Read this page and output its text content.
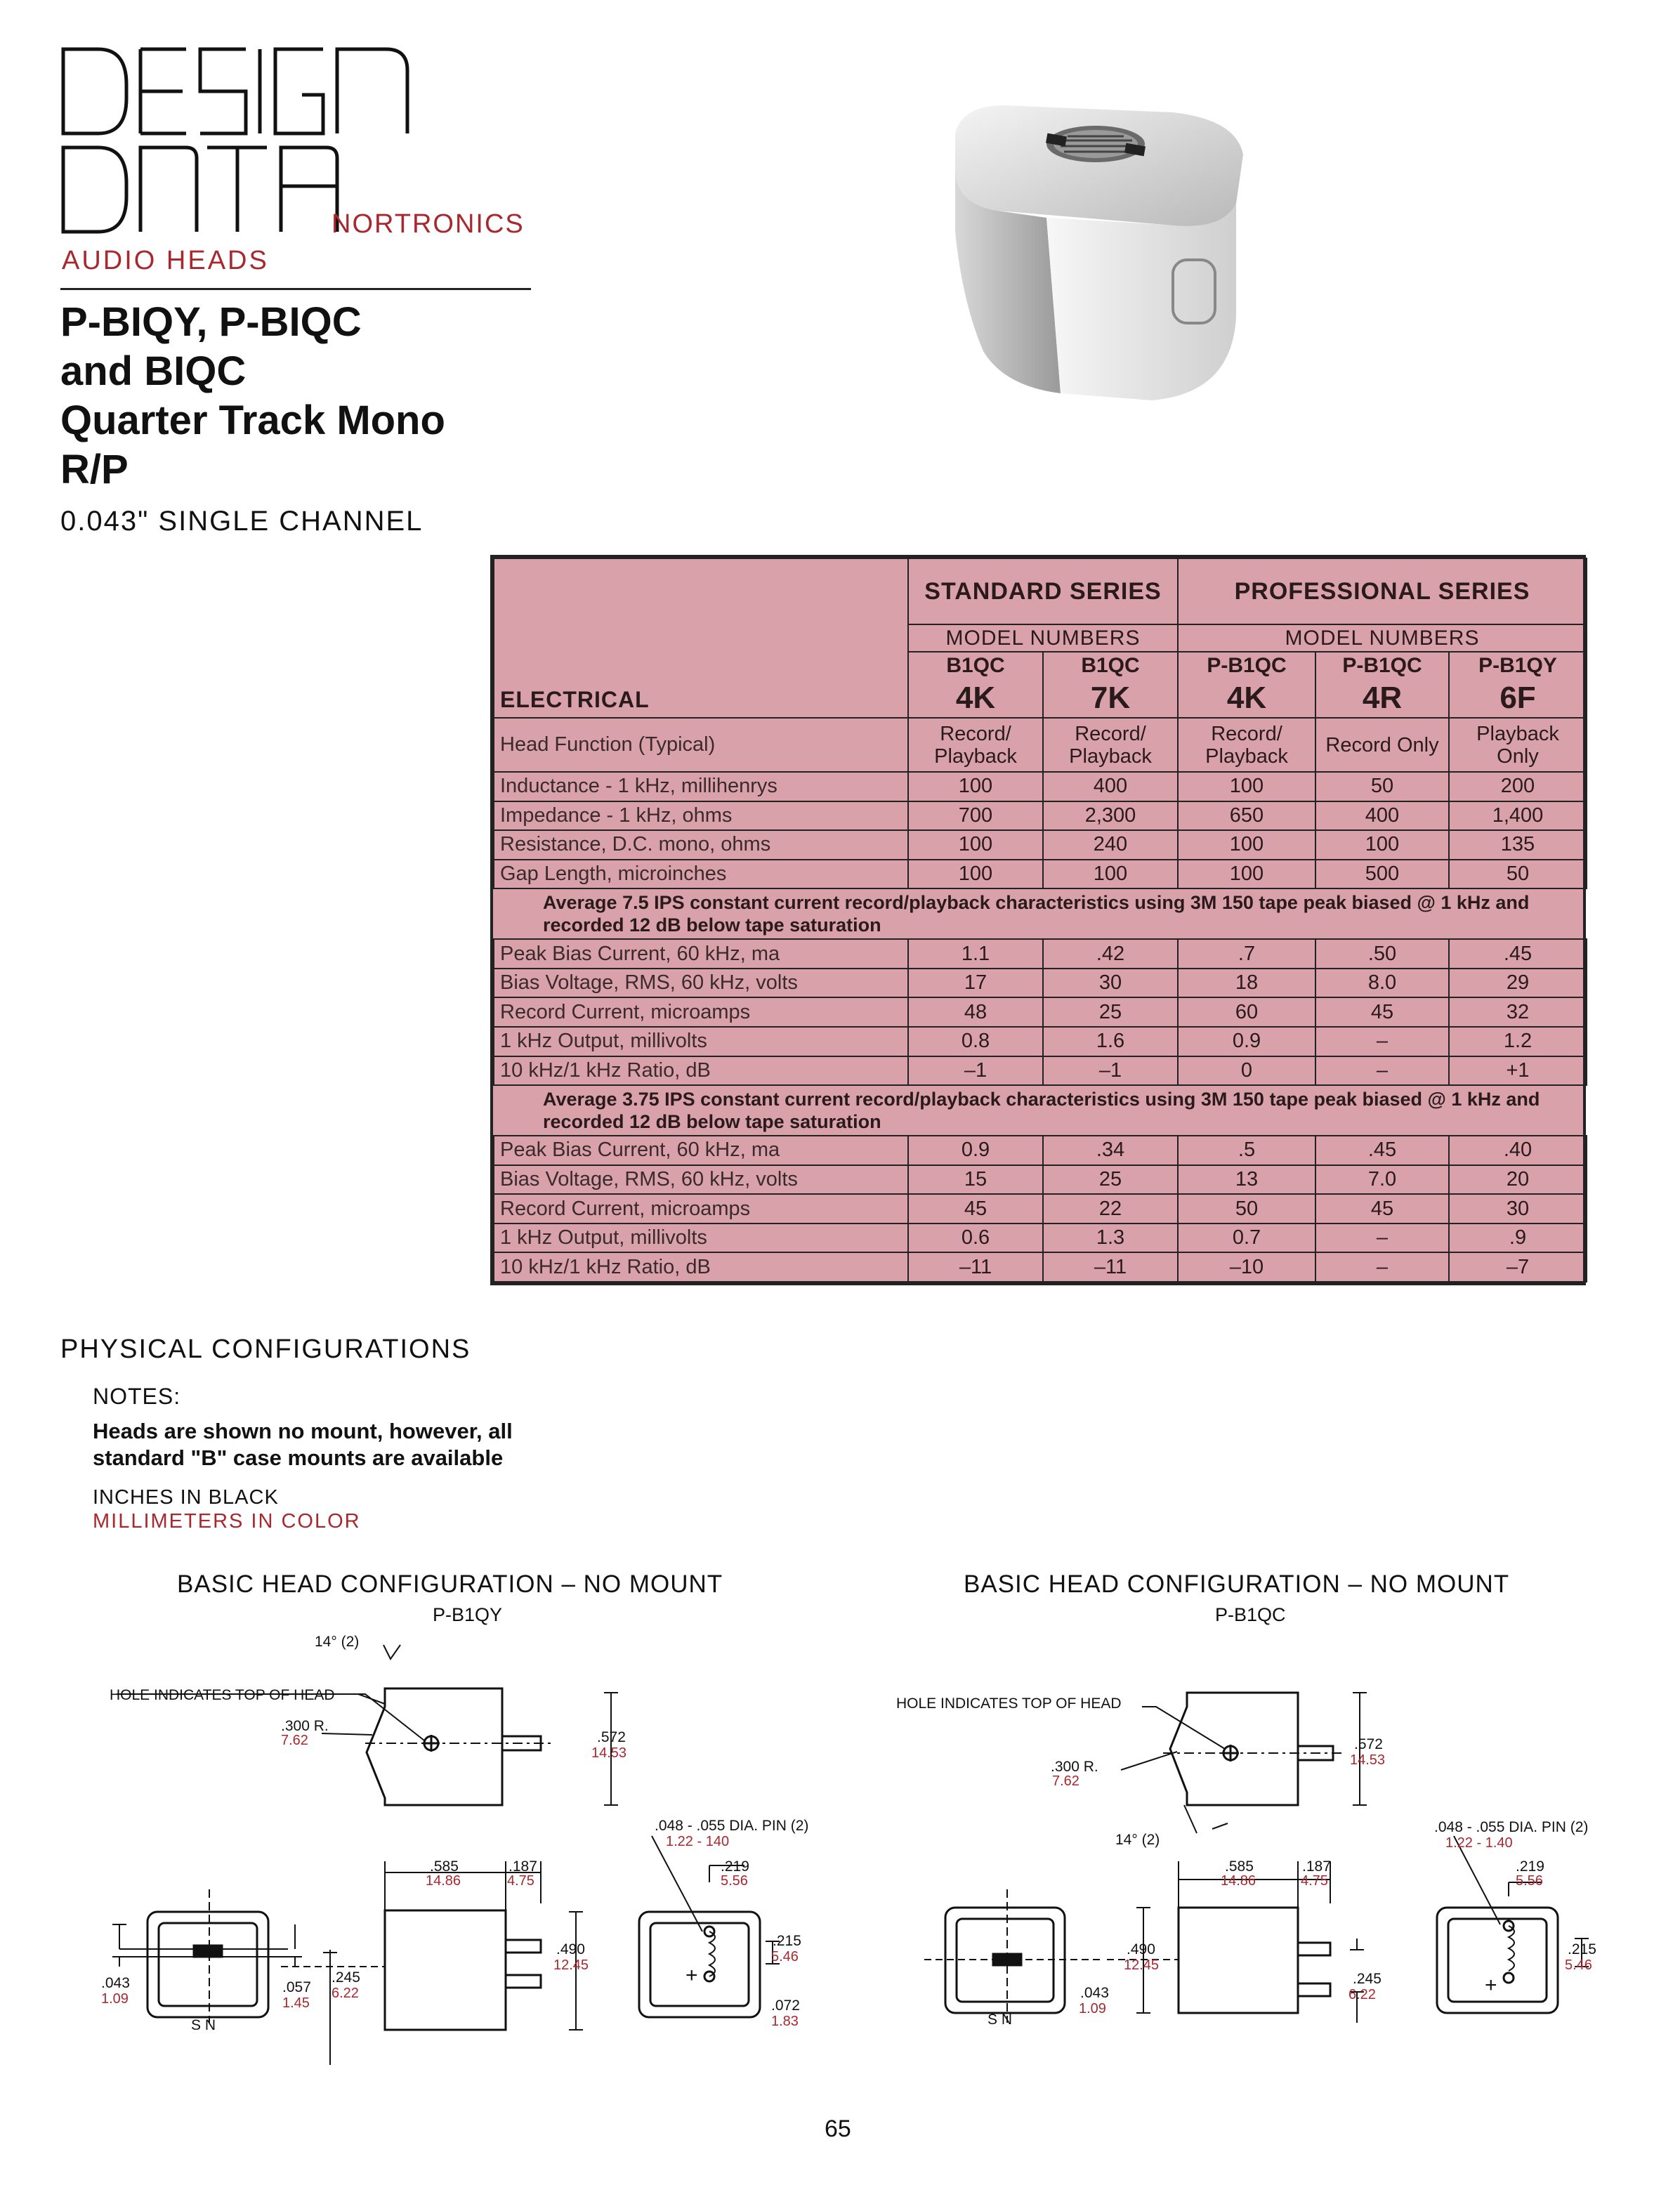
NORTRONICS
AUDIO HEADS
P-BIQY, P-BIQC
and BIQC
Quarter Track Mono
R/P
0.043" SINGLE CHANNEL
ELECTRICAL	STANDARD SERIES		PROFESSIONAL SERIES		
	MODEL NUMBERS		MODEL NUMBERS		
	B1QC	B1QC	P-B1QC	P-B1QC	P-B1QY
	4K	7K	4K	4R	6F
Head Function (Typical)	Record/ Playback	Record/ Playback	Record/ Playback	Record Only	Playback Only
Inductance - 1 kHz, millihenrys	100	400	100	50	200
Impedance - 1 kHz, ohms	700	2,300	650	400	1,400
Resistance, D.C. mono, ohms	100	240	100	100	135
Gap Length, microinches	100	100	100	500	50
Average 7.5 IPS constant current record/playback characteristics using 3M 150 tape peak biased @ 1 kHz and recorded 12 dB below tape saturation					
Peak Bias Current, 60 kHz, ma	1.1	.42	.7	.50	.45
Bias Voltage, RMS, 60 kHz, volts	17	30	18	8.0	29
Record Current, microamps	48	25	60	45	32
1 kHz Output, millivolts	0.8	1.6	0.9	–	1.2
10 kHz/1 kHz Ratio, dB	–1	–1	0	–	+1
Average 3.75 IPS constant current record/playback characteristics using 3M 150 tape peak biased @ 1 kHz and recorded 12 dB below tape saturation					
Peak Bias Current, 60 kHz, ma	0.9	.34	.5	.45	.40
Bias Voltage, RMS, 60 kHz, volts	15	25	13	7.0	20
Record Current, microamps	45	22	50	45	30
1 kHz Output, millivolts	0.6	1.3	0.7	–	.9
10 kHz/1 kHz Ratio, dB	–11	–11	–10	–	–7
PHYSICAL CONFIGURATIONS
NOTES:
Heads are shown no mount, however, all
standard "B" case mounts are available
INCHES IN BLACK
MILLIMETERS IN COLOR
BASIC HEAD CONFIGURATION – NO MOUNT
P-B1QY
14° (2)
HOLE INDICATES TOP OF HEAD
.300 R.
.572
.048 - .055 DIA. PIN (2)
.585	.187	.219
.490
.245
.215
.043	.057
.072
S N
+
7.62
14.53
1.22 - 140
14.86	4.75	5.56
12.45
6.22
5.46
1.09	1.45
1.83
BASIC HEAD CONFIGURATION – NO MOUNT
P-B1QC
HOLE INDICATES TOP OF HEAD
.300 R.
.572
14° (2)
.048 - .055 DIA. PIN (2)
.585	.187	.219
.490
.245
.215
.043
S N
+
7.62
14.53
1.22 - 1.40
14.86	4.75	5.56
12.45
6.22
5.46
1.09
65
